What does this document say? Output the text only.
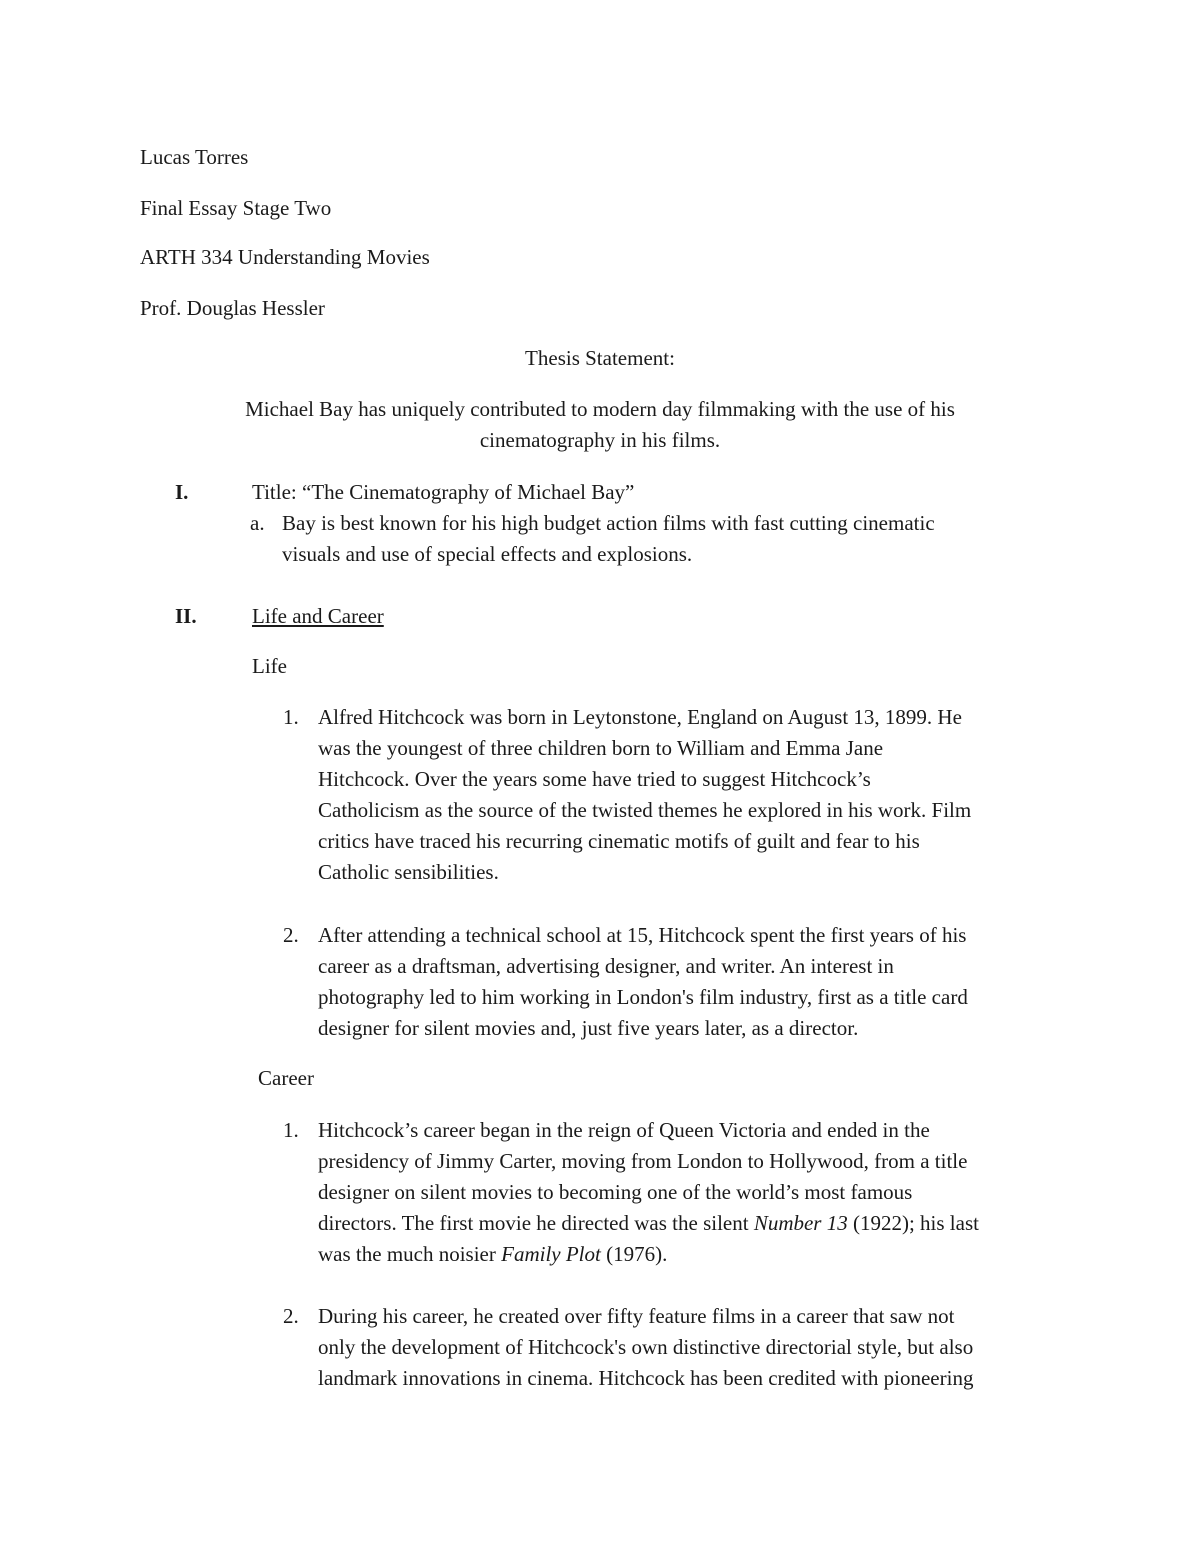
Lucas Torres
Final Essay Stage Two
ARTH 334 Understanding Movies
Prof. Douglas Hessler
Thesis Statement:
Michael Bay has uniquely contributed to modern day filmmaking with the use of his
cinematography in his films.
I.	Title: “The Cinematography of Michael Bay”
a. Bay is best known for his high budget action films with fast cutting cinematic
visuals and use of special effects and explosions.
II.	Life and Career
Life
1. Alfred Hitchcock was born in Leytonstone, England on August 13, 1899. He
was the youngest of three children born to William and Emma Jane
Hitchcock. Over the years some have tried to suggest Hitchcock’s
Catholicism as the source of the twisted themes he explored in his work. Film
critics have traced his recurring cinematic motifs of guilt and fear to his
Catholic sensibilities.
2. After attending a technical school at 15, Hitchcock spent the first years of his
career as a draftsman, advertising designer, and writer. An interest in
photography led to him working in London's film industry, first as a title card
designer for silent movies and, just five years later, as a director.
Career
1. Hitchcock’s career began in the reign of Queen Victoria and ended in the
presidency of Jimmy Carter, moving from London to Hollywood, from a title
designer on silent movies to becoming one of the world’s most famous
directors. The first movie he directed was the silent Number 13 (1922); his last
was the much noisier Family Plot (1976).
2. During his career, he created over fifty feature films in a career that saw not
only the development of Hitchcock's own distinctive directorial style, but also
landmark innovations in cinema. Hitchcock has been credited with pioneering
